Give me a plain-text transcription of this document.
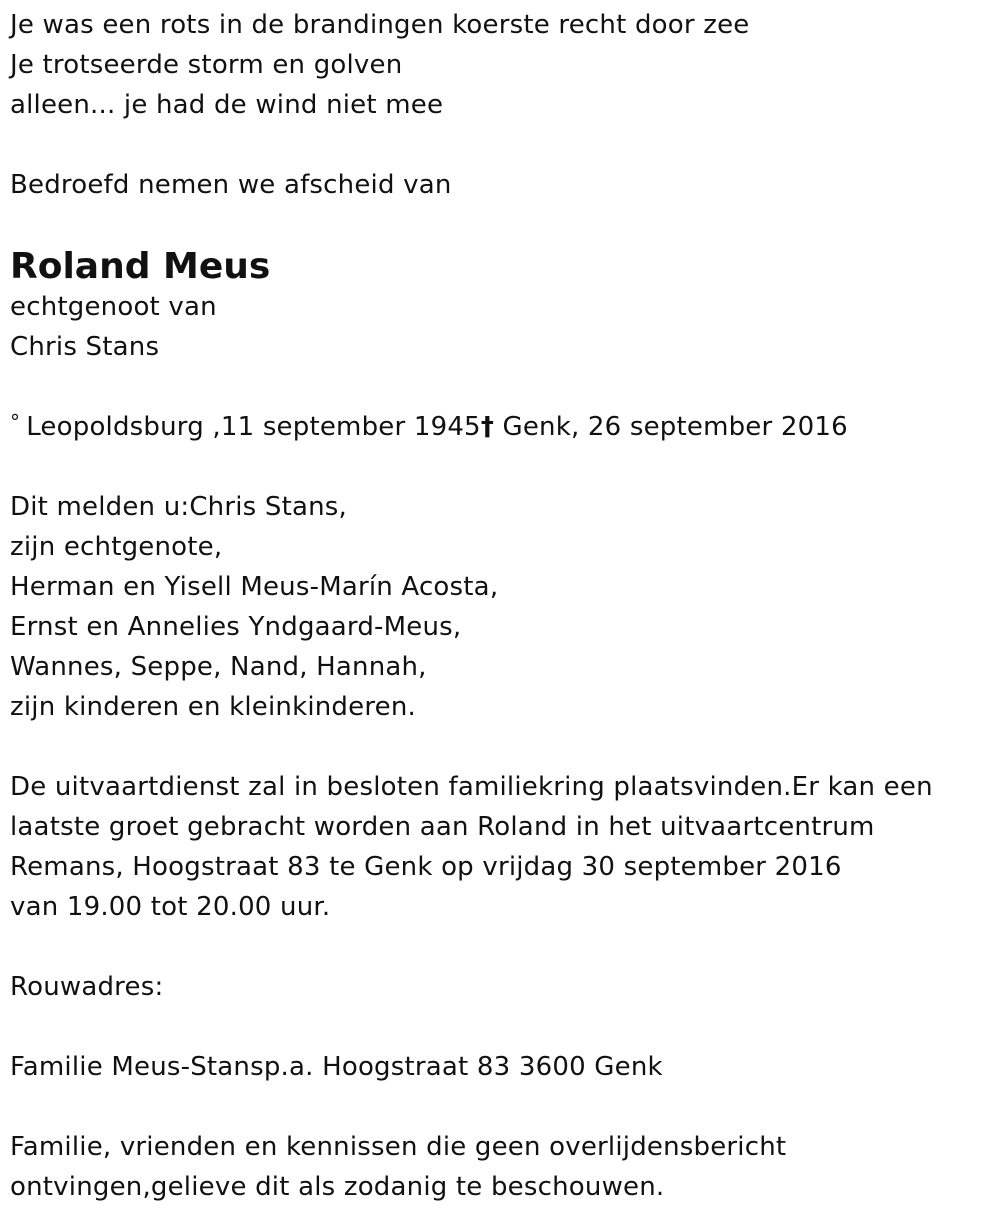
Je was een rots in de brandingen koerste recht door zee
Je trotseerde storm en golven
alleen... je had de wind niet mee
Bedroefd nemen we afscheid van
Roland Meus
echtgenoot van
Chris Stans
° Leopoldsburg ,11 september 1945† Genk, 26 september 2016
Dit melden u:Chris Stans,
zijn echtgenote,
Herman en Yisell Meus-Marín Acosta,
Ernst en Annelies Yndgaard-Meus,
Wannes, Seppe, Nand, Hannah,
zijn kinderen en kleinkinderen.
De uitvaartdienst zal in besloten familiekring plaatsvinden.Er kan een
laatste groet gebracht worden aan Roland in het uitvaartcentrum
Remans, Hoogstraat 83 te Genk op vrijdag 30 september 2016
van 19.00 tot 20.00 uur.
Rouwadres:
Familie Meus-Stansp.a. Hoogstraat 83 3600 Genk
Familie, vrienden en kennissen die geen overlijdensbericht
ontvingen,gelieve dit als zodanig te beschouwen.
